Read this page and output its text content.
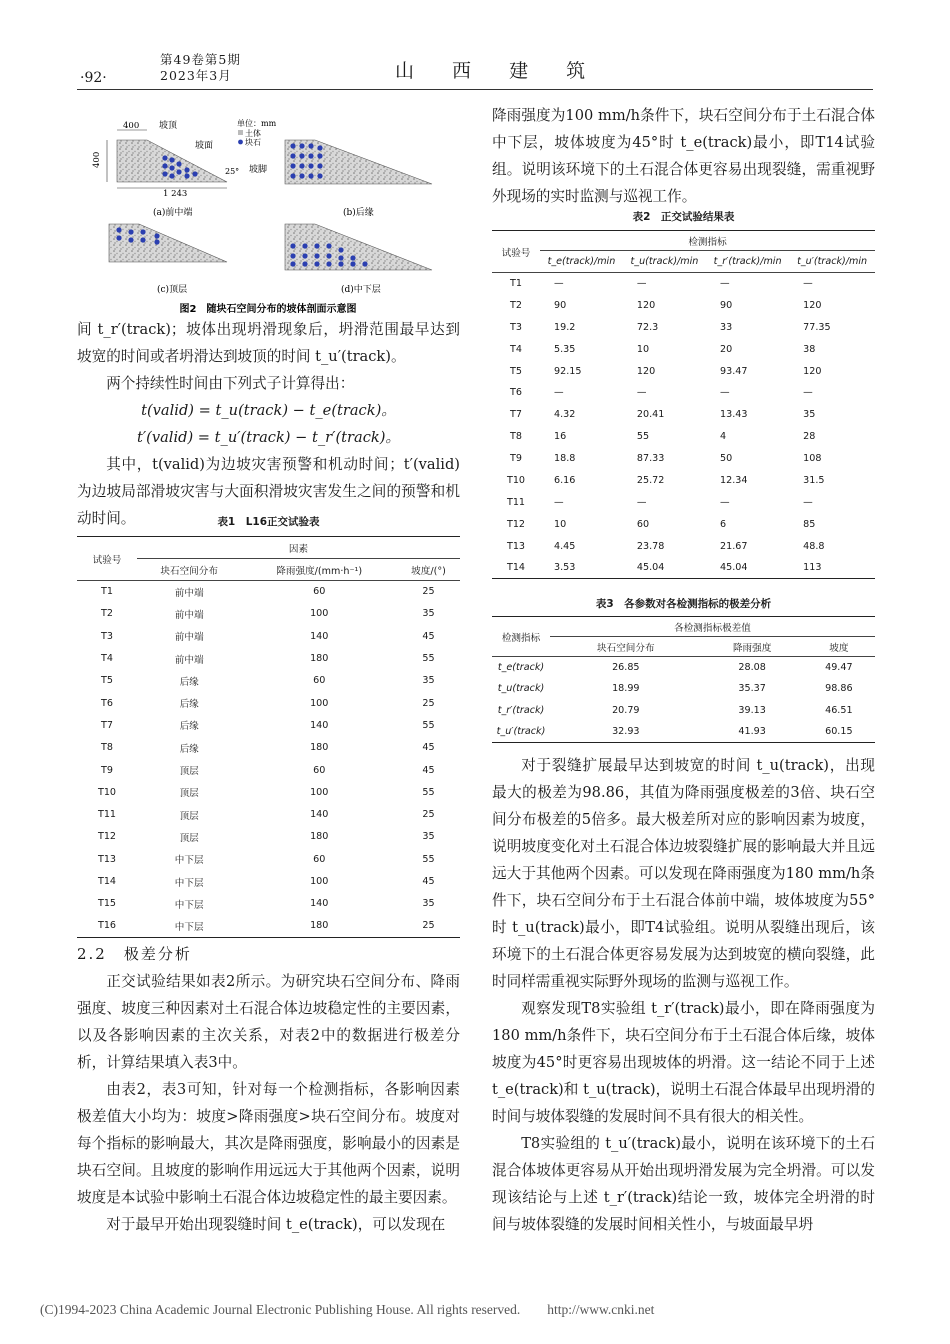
·92·
第49卷第5期
2023年3月	山 西 建 筑
400
400
1 243
坡顶
坡面
25° 坡脚
单位：mm
土体
块石
(a)前中端	(b)后缘
(c)顶层	(d)中下层
图2　随块石空间分布的坡体剖面示意图

间 t_r′(track)；坡体出现坍滑现象后，坍滑范围最早达到坡宽的时间或者坍滑达到坡顶的时间 t_u′(track)。

两个持续性时间由下列式子计算得出：

t(valid) = t_u(track) − t_e(track)。

t′(valid) = t_u′(track) − t_r′(track)。

其中，t(valid)为边坡灾害预警和机动时间；t′(valid)为边坡局部滑坡灾害与大面积滑坡灾害发生之间的预警和机动时间。	表1　L16正交试验表
试验号	因素		
	块石空间分布	降雨强度/(mm·h⁻¹)	坡度/(°)
T1	前中端	60	25
T2	前中端	100	35
T3	前中端	140	45
T4	前中端	180	55
T5	后缘	60	35
T6	后缘	100	25
T7	后缘	140	55
T8	后缘	180	45
T9	顶层	60	45
T10	顶层	100	55
T11	顶层	140	25
T12	顶层	180	35
T13	中下层	60	55
T14	中下层	100	45
T15	中下层	140	35
T16	中下层	180	25

2.2　极差分析

正交试验结果如表2所示。为研究块石空间分布、降雨强度、坡度三种因素对土石混合体边坡稳定性的主要因素，以及各影响因素的主次关系，对表2中的数据进行极差分析，计算结果填入表3中。

由表2，表3可知，针对每一个检测指标，各影响因素极差值大小均为：坡度>降雨强度>块石空间分布。坡度对每个指标的影响最大，其次是降雨强度，影响最小的因素是块石空间。且坡度的影响作用远远大于其他两个因素，说明坡度是本试验中影响土石混合体边坡稳定性的最主要因素。

对于最早开始出现裂缝时间 t_e(track)，可以发现在

降雨强度为100 mm/h条件下，块石空间分布于土石混合体中下层，坡体坡度为45°时 t_e(track)最小，即T14试验组。说明该环境下的土石混合体更容易出现裂缝，需重视野外现场的实时监测与巡视工作。

表2　正交试验结果表
试验号	检测指标			
	t_e(track)/min	t_u(track)/min	t_r′(track)/min	t_u′(track)/min
T1	—	—	—	—
T2	90	120	90	120
T3	19.2	72.3	33	77.35
T4	5.35	10	20	38
T5	92.15	120	93.47	120
T6	—	—	—	—
T7	4.32	20.41	13.43	35
T8	16	55	4	28
T9	18.8	87.33	50	108
T10	6.16	25.72	12.34	31.5
T11	—	—	—	—
T12	10	60	6	85
T13	4.45	23.78	21.67	48.8
T14	3.53	45.04	45.04	113
表3　各参数对各检测指标的极差分析
检测指标	各检测指标极差值		
	块石空间分布	降雨强度	坡度
t_e(track)	26.85	28.08	49.47
t_u(track)	18.99	35.37	98.86
t_r′(track)	20.79	39.13	46.51
t_u′(track)	32.93	41.93	60.15

对于裂缝扩展最早达到坡宽的时间 t_u(track)，出现最大的极差为98.86，其值为降雨强度极差的3倍、块石空间分布极差的5倍多。最大极差所对应的影响因素为坡度，说明坡度变化对土石混合体边坡裂缝扩展的影响最大并且远远大于其他两个因素。可以发现在降雨强度为180 mm/h条件下，块石空间分布于土石混合体前中端，坡体坡度为55°时 t_u(track)最小，即T4试验组。说明从裂缝出现后，该环境下的土石混合体更容易发展为达到坡宽的横向裂缝，此时同样需重视实际野外现场的监测与巡视工作。

观察发现T8实验组 t_r′(track)最小，即在降雨强度为180 mm/h条件下，块石空间分布于土石混合体后缘，坡体坡度为45°时更容易出现坡体的坍滑。这一结论不同于上述 t_e(track)和 t_u(track)，说明土石混合体最早出现坍滑的时间与坡体裂缝的发展时间不具有很大的相关性。

T8实验组的 t_u′(track)最小，说明在该环境下的土石混合体坡体更容易从开始出现坍滑发展为完全坍滑。可以发现该结论与上述 t_r′(track)结论一致，坡体完全坍滑的时间与坡体裂缝的发展时间相关性小，与坡面最早坍

(C)1994-2023 China Academic Journal Electronic Publishing House. All rights reserved.　　http://www.cnki.net
